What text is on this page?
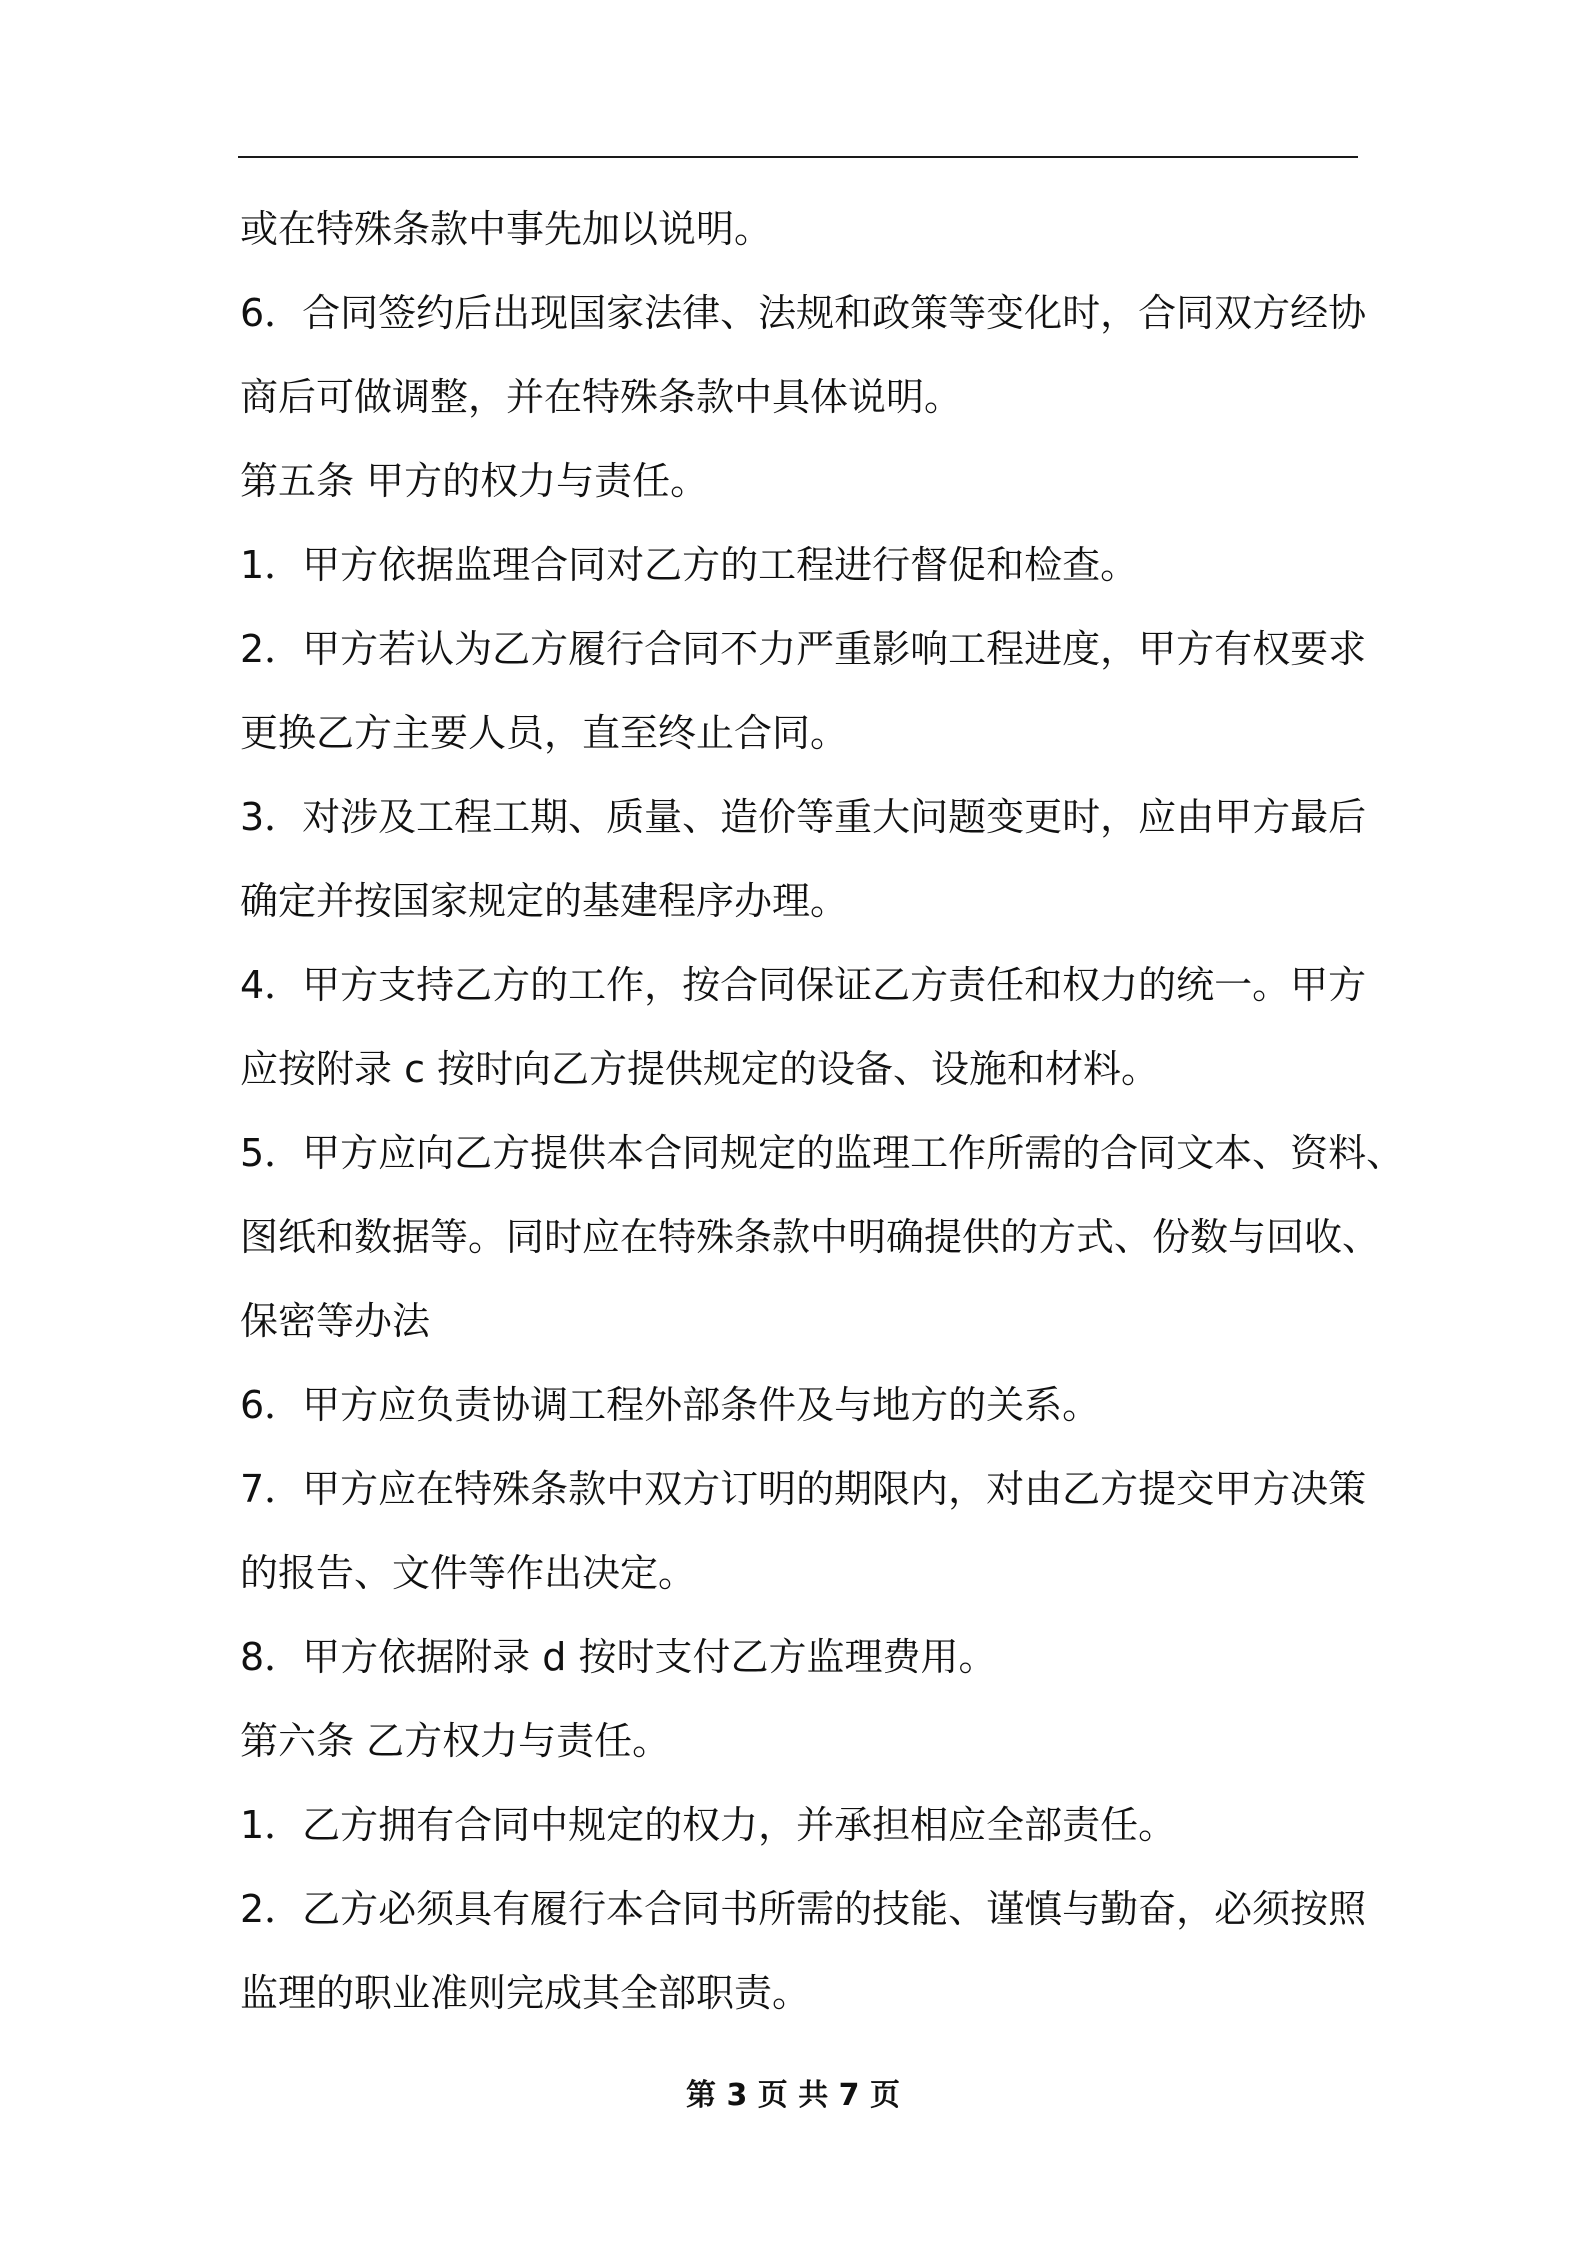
或在特殊条款中事先加以说明。
6．合同签约后出现国家法律、法规和政策等变化时，合同双方经协
商后可做调整，并在特殊条款中具体说明。
第五条 甲方的权力与责任。
1．甲方依据监理合同对乙方的工程进行督促和检查。
2．甲方若认为乙方履行合同不力严重影响工程进度，甲方有权要求
更换乙方主要人员，直至终止合同。
3．对涉及工程工期、质量、造价等重大问题变更时，应由甲方最后
确定并按国家规定的基建程序办理。
4．甲方支持乙方的工作，按合同保证乙方责任和权力的统一。甲方
应按附录 c 按时向乙方提供规定的设备、设施和材料。
5．甲方应向乙方提供本合同规定的监理工作所需的合同文本、资料、
图纸和数据等。同时应在特殊条款中明确提供的方式、份数与回收、
保密等办法
6．甲方应负责协调工程外部条件及与地方的关系。
7．甲方应在特殊条款中双方订明的期限内，对由乙方提交甲方决策
的报告、文件等作出决定。
8．甲方依据附录 d 按时支付乙方监理费用。
第六条 乙方权力与责任。
1．乙方拥有合同中规定的权力，并承担相应全部责任。
2．乙方必须具有履行本合同书所需的技能、谨慎与勤奋，必须按照
监理的职业准则完成其全部职责。
第 3 页 共 7 页
